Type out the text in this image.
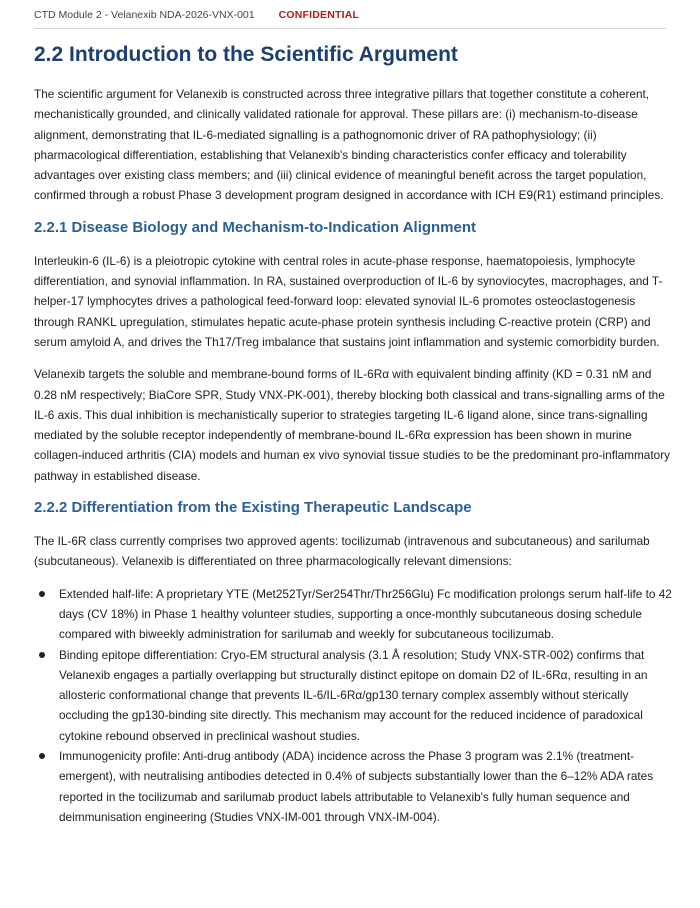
CTD Module 2 - Velanexib NDA-2026-VNX-001 CONFIDENTIAL
2.2 Introduction to the Scientific Argument

The scientific argument for Velanexib is constructed across three integrative pillars that together constitute a coherent, mechanistically grounded, and clinically validated rationale for approval. These pillars are: (i) mechanism-to-disease alignment, demonstrating that IL-6-mediated signalling is a pathognomonic driver of RA pathophysiology; (ii) pharmacological differentiation, establishing that Velanexib's binding characteristics confer efficacy and tolerability advantages over existing class members; and (iii) clinical evidence of meaningful benefit across the target population, confirmed through a robust Phase 3 development program designed in accordance with ICH E9(R1) estimand principles.

2.2.1 Disease Biology and Mechanism-to-Indication Alignment

Interleukin-6 (IL-6) is a pleiotropic cytokine with central roles in acute-phase response, haematopoiesis, lymphocyte differentiation, and synovial inflammation. In RA, sustained overproduction of IL-6 by synoviocytes, macrophages, and T-helper-17 lymphocytes drives a pathological feed-forward loop: elevated synovial IL-6 promotes osteoclastogenesis through RANKL upregulation, stimulates hepatic acute-phase protein synthesis including C-reactive protein (CRP) and serum amyloid A, and drives the Th17/Treg imbalance that sustains joint inflammation and systemic comorbidity burden.

Velanexib targets the soluble and membrane-bound forms of IL-6Rα with equivalent binding affinity (KD = 0.31 nM and 0.28 nM respectively; BiaCore SPR, Study VNX-PK-001), thereby blocking both classical and trans-signalling arms of the IL-6 axis. This dual inhibition is mechanistically superior to strategies targeting IL-6 ligand alone, since trans-signalling mediated by the soluble receptor independently of membrane-bound IL-6Rα expression has been shown in murine collagen-induced arthritis (CIA) models and human ex vivo synovial tissue studies to be the predominant pro-inflammatory pathway in established disease.

2.2.2 Differentiation from the Existing Therapeutic Landscape

The IL-6R class currently comprises two approved agents: tocilizumab (intravenous and subcutaneous) and sarilumab (subcutaneous). Velanexib is differentiated on three pharmacologically relevant dimensions:

Extended half-life: A proprietary YTE (Met252Tyr/Ser254Thr/Thr256Glu) Fc modification prolongs serum half-life to 42 days (CV 18%) in Phase 1 healthy volunteer studies, supporting a once-monthly subcutaneous dosing schedule compared with biweekly administration for sarilumab and weekly for subcutaneous tocilizumab.
Binding epitope differentiation: Cryo-EM structural analysis (3.1 Å resolution; Study VNX-STR-002) confirms that Velanexib engages a partially overlapping but structurally distinct epitope on domain D2 of IL-6Rα, resulting in an allosteric conformational change that prevents IL-6/IL-6Rα/gp130 ternary complex assembly without sterically occluding the gp130-binding site directly. This mechanism may account for the reduced incidence of paradoxical cytokine rebound observed in preclinical washout studies.
Immunogenicity profile: Anti-drug antibody (ADA) incidence across the Phase 3 program was 2.1% (treatment-emergent), with neutralising antibodies detected in 0.4% of subjects substantially lower than the 6–12% ADA rates reported in the tocilizumab and sarilumab product labels attributable to Velanexib's fully human sequence and deimmunisation engineering (Studies VNX-IM-001 through VNX-IM-004).
